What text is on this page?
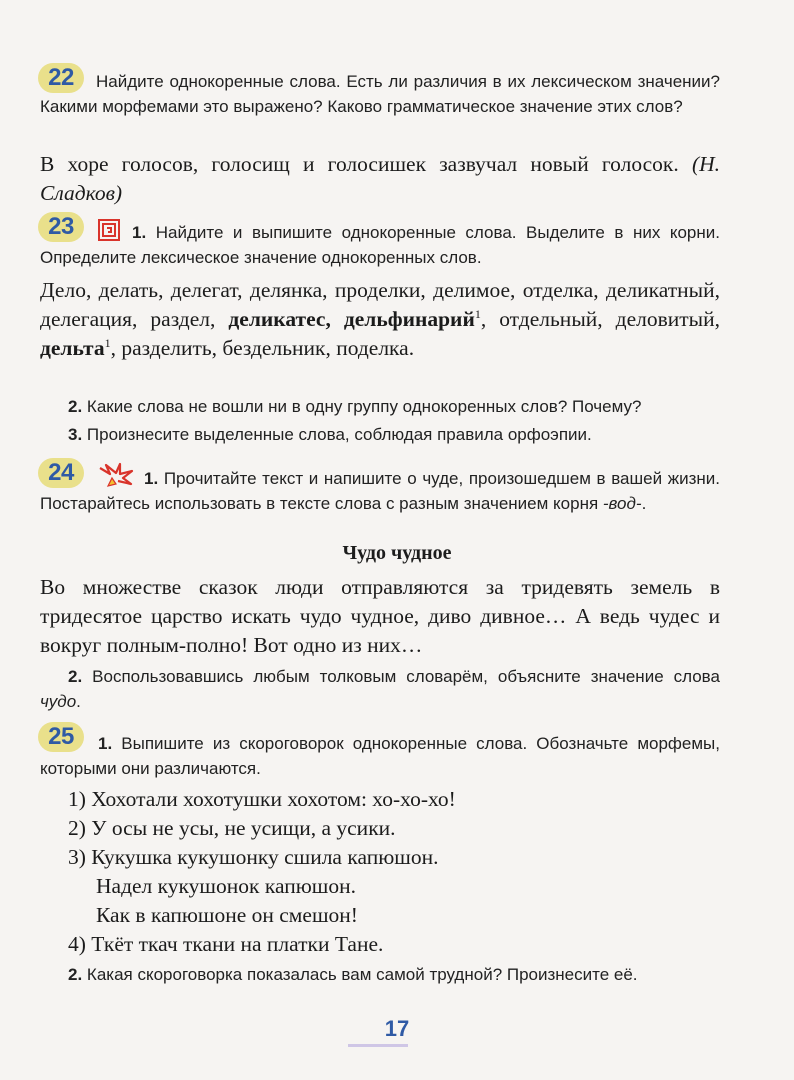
22	Найдите однокоренные слова. Есть ли различия в их лексическом значении? Какими морфемами это выражено? Каково грамматическое значение этих слов?
В хоре голосов, голосищ и голосишек зазвучал новый голосок. (Н. Сладков)
23	1. Найдите и выпишите однокоренные слова. Выделите в них корни. Определите лексическое значение однокоренных слов.
Дело, делать, делегат, делянка, проделки, делимое, отделка, деликатный, делегация, раздел, деликатес, дельфинарий$^1$, отдельный, деловитый, дельта$^1$, разделить, бездельник, поделка.
2. Какие слова не вошли ни в одну группу однокоренных слов? Почему?
3. Произнесите выделенные слова, соблюдая правила орфоэпии.
24	1. Прочитайте текст и напишите о чуде, произошедшем в вашей жизни. Постарайтесь использовать в тексте слова с разным значением корня -вод-.
Чудо чудное
Во множестве сказок люди отправляются за тридевять земель в тридесятое царство искать чудо чудное, диво дивное… А ведь чудес и вокруг полным-полно! Вот одно из них…
2. Воспользовавшись любым толковым словарём, объясните значение слова чудо.
25	1. Выпишите из скороговорок однокоренные слова. Обозначьте морфемы, которыми они различаются.
1) Хохотали хохотушки хохотом: хо-хо-хо!
2) У осы не усы, не усищи, а усики.
3) Кукушка кукушонку сшила капюшон.
Надел кукушонок капюшон.
Как в капюшоне он смешон!
4) Ткёт ткач ткани на платки Тане.
2. Какая скороговорка показалась вам самой трудной? Произнесите её.
17
